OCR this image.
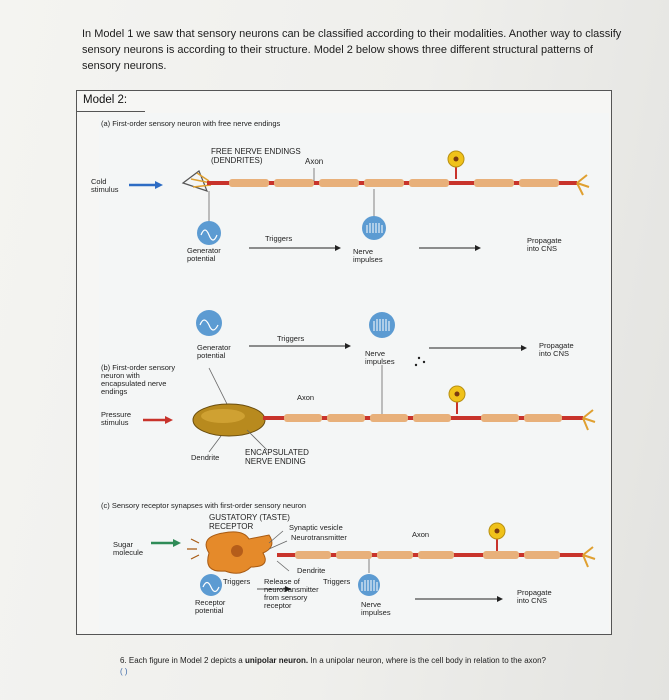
In Model 1 we saw that sensory neurons can be classified according to their modalities. Another way to classify sensory neurons is according to their structure. Model 2 below shows three different structural patterns of sensory neurons.
Model 2:
(a) First-order sensory neuron with free nerve endings
FREE NERVE ENDINGS
(DENDRITES)	Axon
Cold
stimulus
Generator
potential
Triggers
Nerve
impulses
Propagate
into CNS
Generator
potential
Triggers
Nerve
impulses
Propagate
into CNS
(b) First-order sensory
neuron with
encapsulated nerve
endings
Axon
Pressure
stimulus
Dendrite
ENCAPSULATED
NERVE ENDING
(c) Sensory receptor synapses with first-order sensory neuron
GUSTATORY (TASTE)
RECEPTOR	Synaptic vesicle
Neurotransmitter	Axon
Sugar
molecule
Dendrite
Triggers Release of
neurotransmitter
from sensory
receptor
Triggers
Receptor
potential
Nerve
impulses
Propagate
into CNS
6. Each figure in Model 2 depicts a unipolar neuron. In a unipolar neuron, where is the cell body in relation to the axon? ( )
